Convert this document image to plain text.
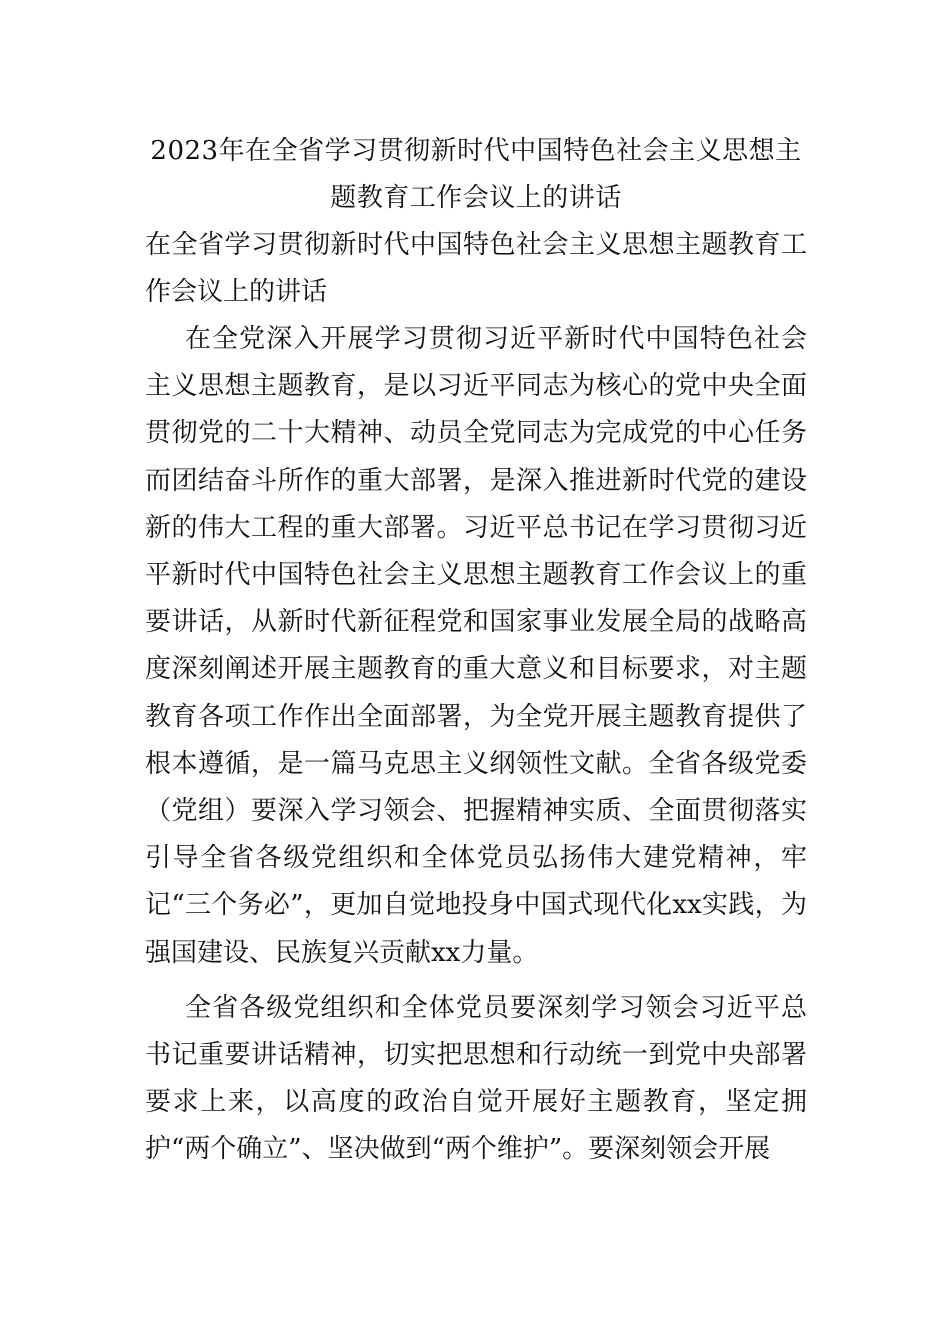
2023年在全省学习贯彻新时代中国特色社会主义思想主题教育工作会议上的讲话

在全省学习贯彻新时代中国特色社会主义思想主题教育工作会议上的讲话

在全党深入开展学习贯彻习近平新时代中国特色社会主义思想主题教育，是以习近平同志为核心的党中央全面贯彻党的二十大精神、动员全党同志为完成党的中心任务而团结奋斗所作的重大部署，是深入推进新时代党的建设新的伟大工程的重大部署。习近平总书记在学习贯彻习近平新时代中国特色社会主义思想主题教育工作会议上的重要讲话，从新时代新征程党和国家事业发展全局的战略高度深刻阐述开展主题教育的重大意义和目标要求，对主题教育各项工作作出全面部署，为全党开展主题教育提供了根本遵循，是一篇马克思主义纲领性文献。全省各级党委（党组）要深入学习领会、把握精神实质、全面贯彻落实引导全省各级党组织和全体党员弘扬伟大建党精神，牢记“三个务必”，更加自觉地投身中国式现代化xx实践，为强国建设、民族复兴贡献xx力量。

全省各级党组织和全体党员要深刻学习领会习近平总书记重要讲话精神，切实把思想和行动统一到党中央部署要求上来，以高度的政治自觉开展好主题教育，坚定拥护“两个确立”、坚决做到“两个维护”。要深刻领会开展
